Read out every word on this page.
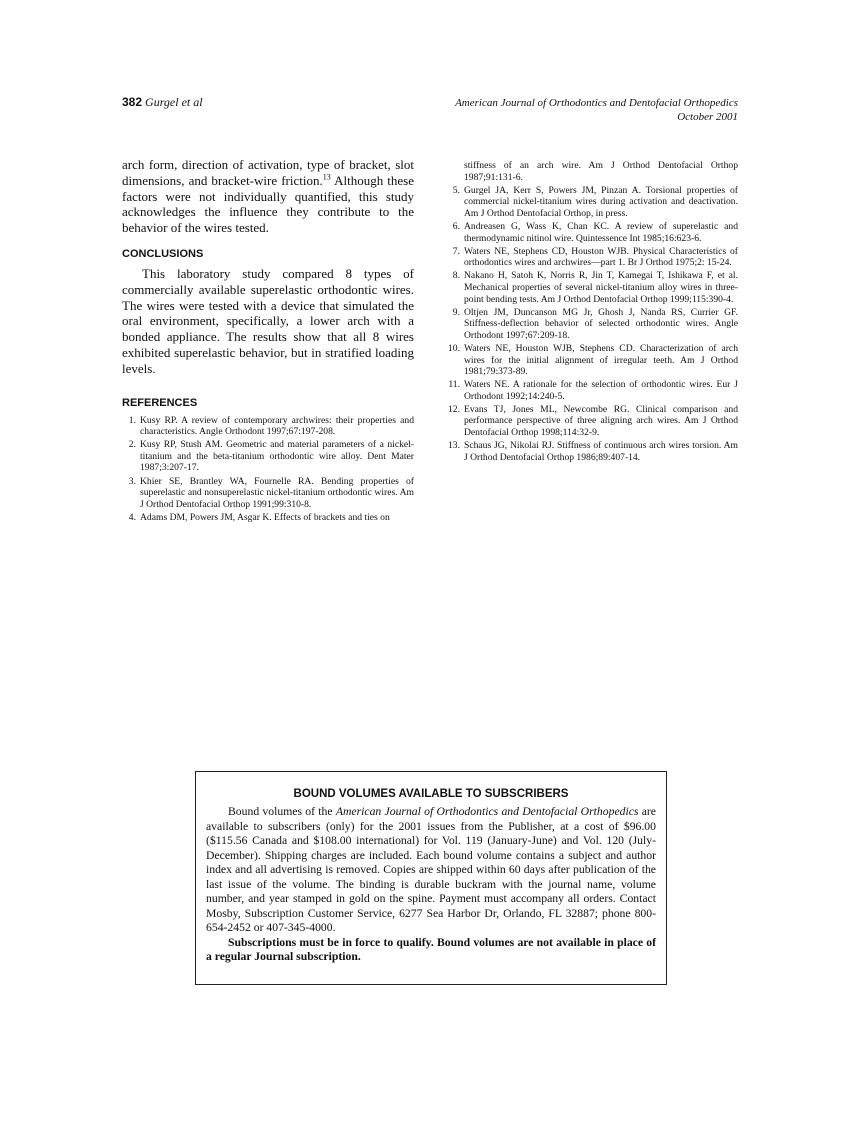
382 Gurgel et al	American Journal of Orthodontics and Dentofacial Orthopedics
October 2001

arch form, direction of activation, type of bracket, slot dimensions, and bracket-wire friction.$^{13}$ Although these factors were not individually quantified, this study acknowledges the influence they contribute to the behavior of the wires tested.

CONCLUSIONS

This laboratory study compared 8 types of commercially available superelastic orthodontic wires. The wires were tested with a device that simulated the oral environment, specifically, a lower arch with a bonded appliance. The results show that all 8 wires exhibited superelastic behavior, but in stratified loading levels.

REFERENCES
1. Kusy RP. A review of contemporary archwires: their properties and characteristics. Angle Orthodont 1997;67:197-208.
2. Kusy RP, Stush AM. Geometric and material parameters of a nickel-titanium and the beta-titanium orthodontic wire alloy. Dent Mater 1987;3:207-17.
3. Khier SE, Brantley WA, Fournelle RA. Bending properties of superelastic and nonsuperelastic nickel-titanium orthodontic wires. Am J Orthod Dentofacial Orthop 1991;99:310-8.
4. Adams DM, Powers JM, Asgar K. Effects of brackets and ties on
stiffness of an arch wire. Am J Orthod Dentofacial Orthop 1987;91:131-6.
5. Gurgel JA, Kerr S, Powers JM, Pinzan A. Torsional properties of commercial nickel-titanium wires during activation and deactivation. Am J Orthod Dentofacial Orthop, in press.
6. Andreasen G, Wass K, Chan KC. A review of superelastic and thermodynamic nitinol wire. Quintessence Int 1985;16:623-6.
7. Waters NE, Stephens CD, Houston WJB. Physical Characteristics of orthodontics wires and archwires—part 1. Br J Orthod 1975;2: 15-24.
8. Nakano H, Satoh K, Norris R, Jin T, Kamegai T, Ishikawa F, et al. Mechanical properties of several nickel-titanium alloy wires in three-point bending tests. Am J Orthod Dentofacial Orthop 1999;115:390-4.
9. Oltjen JM, Duncanson MG Jr, Ghosh J, Nanda RS, Currier GF. Stiffness-deflection behavior of selected orthodontic wires. Angle Orthodont 1997;67:209-18.
10. Waters NE, Houston WJB, Stephens CD. Characterization of arch wires for the initial alignment of irregular teeth. Am J Orthod 1981;79:373-89.
11. Waters NE. A rationale for the selection of orthodontic wires. Eur J Orthodont 1992;14:240-5.
12. Evans TJ, Jones ML, Newcombe RG. Clinical comparison and performance perspective of three aligning arch wires. Am J Orthod Dentofacial Orthop 1998;114:32-9.
13. Schaus JG, Nikolai RJ. Stiffness of continuous arch wires torsion. Am J Orthod Dentofacial Orthop 1986;89:407-14.
BOUND VOLUMES AVAILABLE TO SUBSCRIBERS

Bound volumes of the American Journal of Orthodontics and Dentofacial Orthopedics are available to subscribers (only) for the 2001 issues from the Publisher, at a cost of $96.00 ($115.56 Canada and $108.00 international) for Vol. 119 (January-June) and Vol. 120 (July-December). Shipping charges are included. Each bound volume contains a subject and author index and all advertising is removed. Copies are shipped within 60 days after publication of the last issue of the volume. The binding is durable buckram with the journal name, volume number, and year stamped in gold on the spine. Payment must accompany all orders. Contact Mosby, Subscription Customer Service, 6277 Sea Harbor Dr, Orlando, FL 32887; phone 800-654-2452 or 407-345-4000.

Subscriptions must be in force to qualify. Bound volumes are not available in place of a regular Journal subscription.
